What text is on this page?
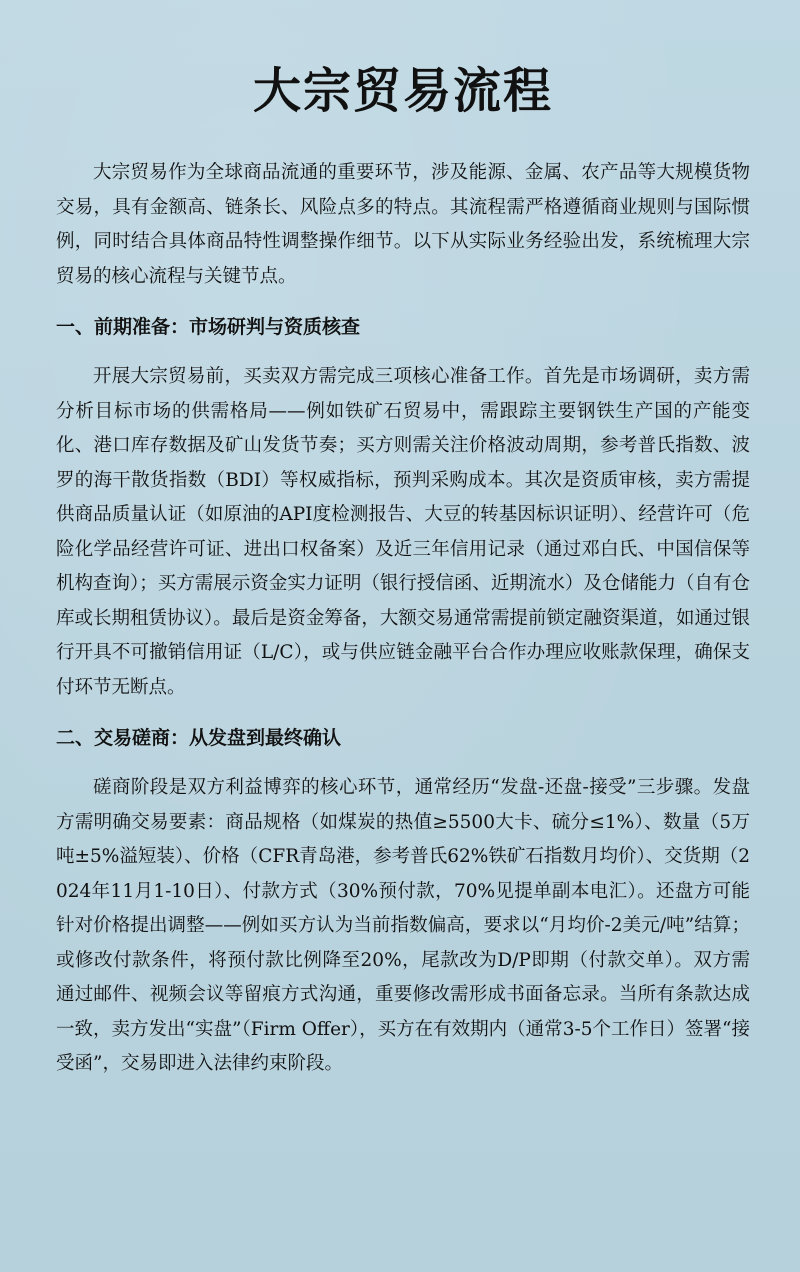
大宗贸易流程

大宗贸易作为全球商品流通的重要环节，涉及能源、金属、农产品等大规模货物交易，具有金额高、链条长、风险点多的特点。其流程需严格遵循商业规则与国际惯例，同时结合具体商品特性调整操作细节。以下从实际业务经验出发，系统梳理大宗贸易的核心流程与关键节点。

一、前期准备：市场研判与资质核查

开展大宗贸易前，买卖双方需完成三项核心准备工作。首先是市场调研，卖方需分析目标市场的供需格局——例如铁矿石贸易中，需跟踪主要钢铁生产国的产能变化、港口库存数据及矿山发货节奏；买方则需关注价格波动周期，参考普氏指数、波罗的海干散货指数（BDI）等权威指标，预判采购成本。其次是资质审核，卖方需提供商品质量认证（如原油的API度检测报告、大豆的转基因标识证明）、经营许可（危险化学品经营许可证、进出口权备案）及近三年信用记录（通过邓白氏、中国信保等机构查询）；买方需展示资金实力证明（银行授信函、近期流水）及仓储能力（自有仓库或长期租赁协议）。最后是资金筹备，大额交易通常需提前锁定融资渠道，如通过银行开具不可撤销信用证（L/C），或与供应链金融平台合作办理应收账款保理，确保支付环节无断点。

二、交易磋商：从发盘到最终确认

磋商阶段是双方利益博弈的核心环节，通常经历“发盘-还盘-接受”三步骤。发盘方需明确交易要素：商品规格（如煤炭的热值≥5500大卡、硫分≤1%）、数量（5万吨±5%溢短装）、价格（CFR青岛港，参考普氏62%铁矿石指数月均价）、交货期（2024年11月1-10日）、付款方式（30%预付款，70%见提单副本电汇）。还盘方可能针对价格提出调整——例如买方认为当前指数偏高，要求以“月均价-2美元/吨”结算；或修改付款条件，将预付款比例降至20%，尾款改为D/P即期（付款交单）。双方需通过邮件、视频会议等留痕方式沟通，重要修改需形成书面备忘录。当所有条款达成一致，卖方发出“实盘”（Firm Offer），买方在有效期内（通常3-5个工作日）签署“接受函”，交易即进入法律约束阶段。
